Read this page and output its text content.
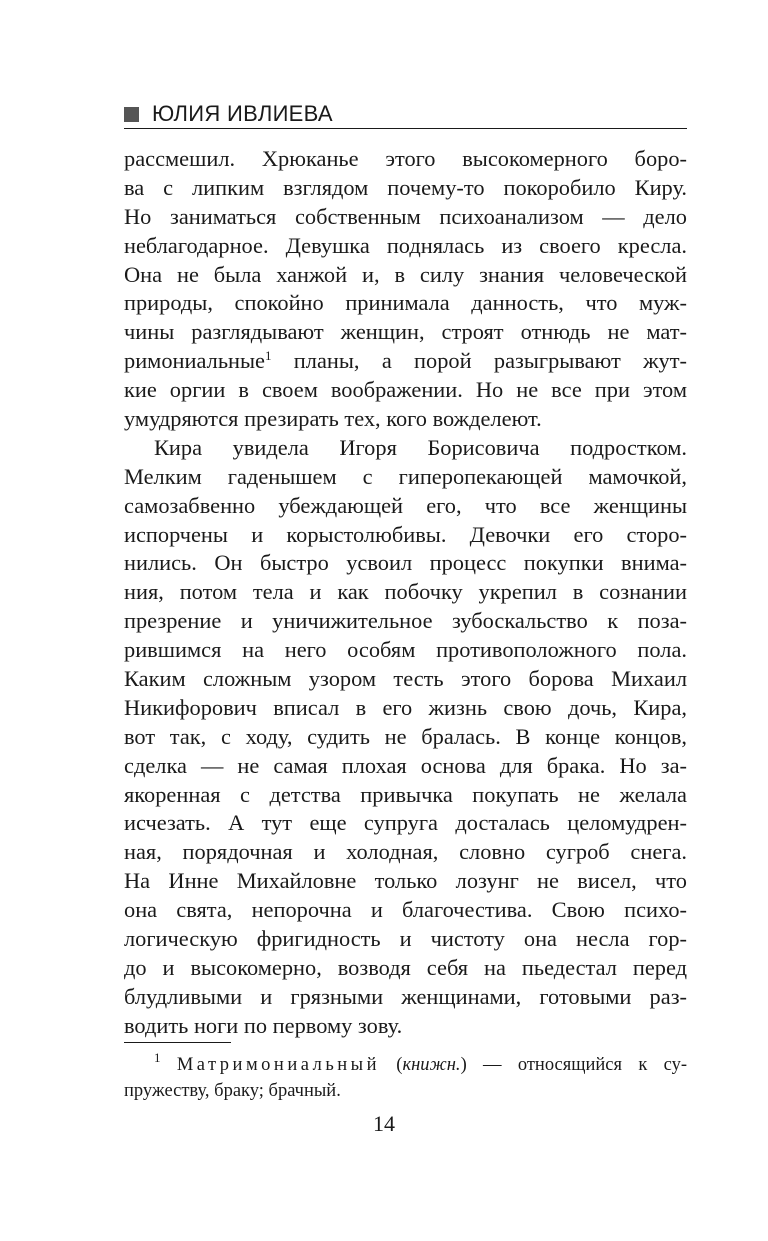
ЮЛИЯ ИВЛИЕВА
рассмешил. Хрюканье этого высокомерного боро-
ва с липким взглядом почему-то покоробило Киру.
Но заниматься собственным психоанализом — дело
неблагодарное. Девушка поднялась из своего кресла.
Она не была ханжой и, в силу знания человеческой
природы, спокойно принимала данность, что муж-
чины разглядывают женщин, строят отнюдь не мат-
римониальные$^1$ планы, а порой разыгрывают жут-
кие оргии в своем воображении. Но не все при этом
умудряются презирать тех, кого вожделеют.
Кира увидела Игоря Борисовича подростком.
Мелким гаденышем с гиперопекающей мамочкой,
самозабвенно убеждающей его, что все женщины
испорчены и корыстолюбивы. Девочки его сторо-
нились. Он быстро усвоил процесс покупки внима-
ния, потом тела и как побочку укрепил в сознании
презрение и уничижительное зубоскальство к поза-
рившимся на него особям противоположного пола.
Каким сложным узором тесть этого борова Михаил
Никифорович вписал в его жизнь свою дочь, Кира,
вот так, с ходу, судить не бралась. В конце концов,
сделка — не самая плохая основа для брака. Но за-
якоренная с детства привычка покупать не желала
исчезать. А тут еще супруга досталась целомудрен-
ная, порядочная и холодная, словно сугроб снега.
На Инне Михайловне только лозунг не висел, что
она свята, непорочна и благочестива. Свою психо-
логическую фригидность и чистоту она несла гор-
до и высокомерно, возводя себя на пьедестал перед
блудливыми и грязными женщинами, готовыми раз-
водить ноги по первому зову.
$^1$ Матримониальный (книжн.) — относящийся к су-
пружеству, браку; брачный.
14
